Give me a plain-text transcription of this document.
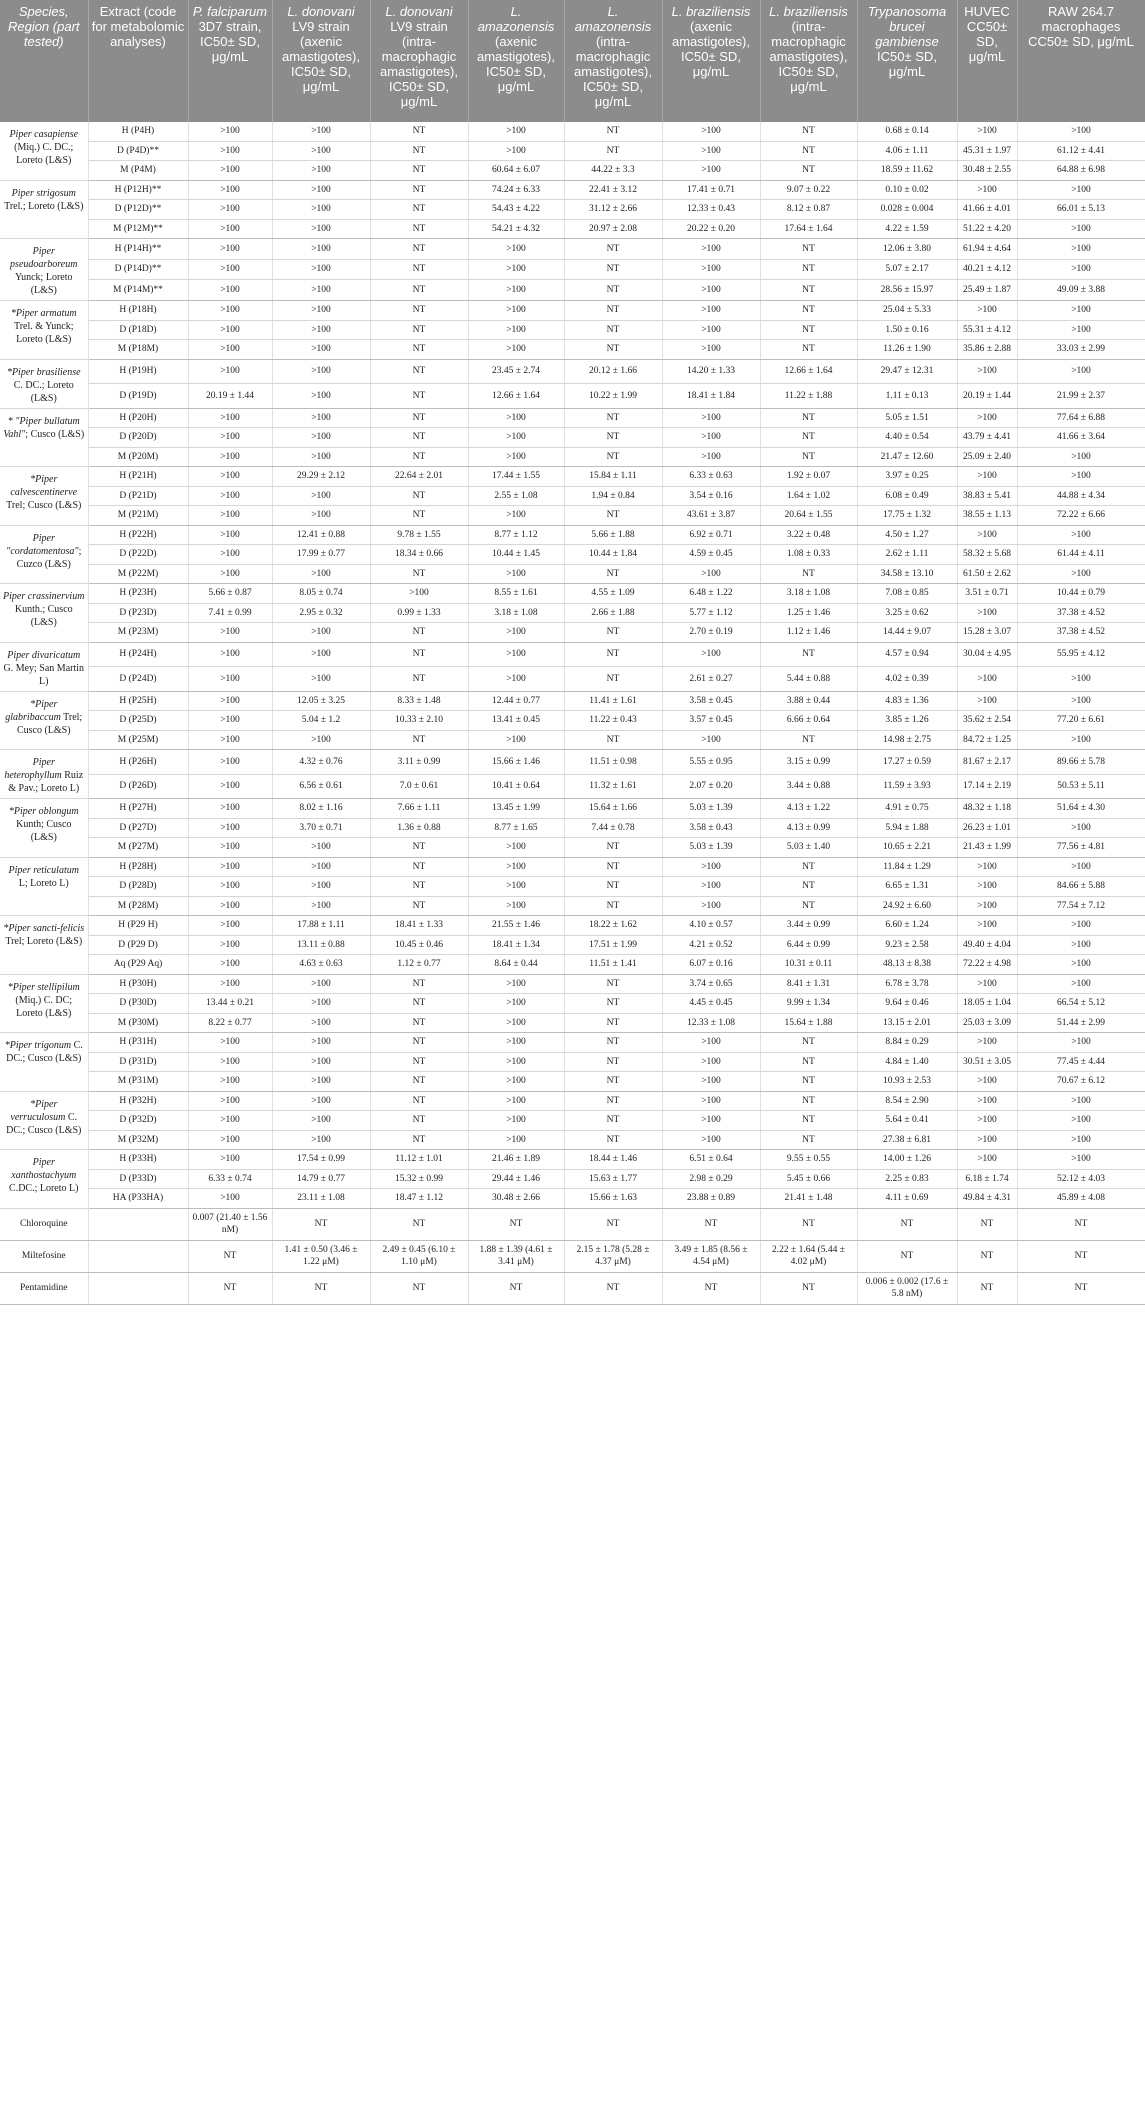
Species, Region (part tested)	Extract (code for metabolomic analyses)	P. falciparum 3D7 strain, IC50± SD, μg/mL	L. donovani LV9 strain (axenic amastigotes), IC50± SD, μg/mL	L. donovani LV9 strain (intra-macrophagic amastigotes), IC50± SD, μg/mL	L. amazonensis (axenic amastigotes), IC50± SD, μg/mL	L. amazonensis (intra-macrophagic amastigotes), IC50± SD, μg/mL	L. braziliensis (axenic amastigotes), IC50± SD, μg/mL	L. braziliensis (intra-macrophagic amastigotes), IC50± SD, μg/mL	Trypanosoma brucei gambiense IC50± SD, μg/mL	HUVEC CC50± SD, μg/mL	RAW 264.7 macrophages CC50± SD, μg/mL
Piper casapiense (Miq.) C. DC.; Loreto (L&S)	H (P4H)	>100	>100	NT	>100	NT	>100	NT	0.68 ± 0.14	>100	>100
	D (P4D)**	>100	>100	NT	>100	NT	>100	NT	4.06 ± 1.11	45.31 ± 1.97	61.12 ± 4.41
	M (P4M)	>100	>100	NT	60.64 ± 6.07	44.22 ± 3.3	>100	NT	18.59 ± 11.62	30.48 ± 2.55	64.88 ± 6.98
Piper strigosum Trel.; Loreto (L&S)	H (P12H)**	>100	>100	NT	74.24 ± 6.33	22.41 ± 3.12	17.41 ± 0.71	9.07 ± 0.22	0.10 ± 0.02	>100	>100
	D (P12D)**	>100	>100	NT	54.43 ± 4.22	31.12 ± 2.66	12.33 ± 0.43	8.12 ± 0.87	0.028 ± 0.004	41.66 ± 4.01	66.01 ± 5.13
	M (P12M)**	>100	>100	NT	54.21 ± 4.32	20.97 ± 2.08	20.22 ± 0.20	17.64 ± 1.64	4.22 ± 1.59	51.22 ± 4.20	>100
Piper pseudoarboreum Yunck; Loreto (L&S)	H (P14H)**	>100	>100	NT	>100	NT	>100	NT	12.06 ± 3.80	61.94 ± 4.64	>100
	D (P14D)**	>100	>100	NT	>100	NT	>100	NT	5.07 ± 2.17	40.21 ± 4.12	>100
	M (P14M)**	>100	>100	NT	>100	NT	>100	NT	28.56 ± 15.97	25.49 ± 1.87	49.09 ± 3.88
*Piper armatum Trel. & Yunck; Loreto (L&S)	H (P18H)	>100	>100	NT	>100	NT	>100	NT	25.04 ± 5.33	>100	>100
	D (P18D)	>100	>100	NT	>100	NT	>100	NT	1.50 ± 0.16	55.31 ± 4.12	>100
	M (P18M)	>100	>100	NT	>100	NT	>100	NT	11.26 ± 1.90	35.86 ± 2.88	33.03 ± 2.99
*Piper brasiliense C. DC.; Loreto (L&S)	H (P19H)	>100	>100	NT	23.45 ± 2.74	20.12 ± 1.66	14.20 ± 1.33	12.66 ± 1.64	29.47 ± 12.31	>100	>100
	D (P19D)	20.19 ± 1.44	>100	NT	12.66 ± 1.64	10.22 ± 1.99	18.41 ± 1.84	11.22 ± 1.88	1.11 ± 0.13	20.19 ± 1.44	21.99 ± 2.37
* "Piper bullatum Vahl"; Cusco (L&S)	H (P20H)	>100	>100	NT	>100	NT	>100	NT	5.05 ± 1.51	>100	77.64 ± 6.88
	D (P20D)	>100	>100	NT	>100	NT	>100	NT	4.40 ± 0.54	43.79 ± 4.41	41.66 ± 3.64
	M (P20M)	>100	>100	NT	>100	NT	>100	NT	21.47 ± 12.60	25.09 ± 2.40	>100
*Piper calvescentinerve Trel; Cusco (L&S)	H (P21H)	>100	29.29 ± 2.12	22.64 ± 2.01	17.44 ± 1.55	15.84 ± 1.11	6.33 ± 0.63	1.92 ± 0.07	3.97 ± 0.25	>100	>100
	D (P21D)	>100	>100	NT	2.55 ± 1.08	1.94 ± 0.84	3.54 ± 0.16	1.64 ± 1.02	6.08 ± 0.49	38.83 ± 5.41	44.88 ± 4.34
	M (P21M)	>100	>100	NT	>100	NT	43.61 ± 3.87	20.64 ± 1.55	17.75 ± 1.32	38.55 ± 1.13	72.22 ± 6.66
Piper "cordatomentosa"; Cuzco (L&S)	H (P22H)	>100	12.41 ± 0.88	9.78 ± 1.55	8.77 ± 1.12	5.66 ± 1.88	6.92 ± 0.71	3.22 ± 0.48	4.50 ± 1.27	>100	>100
	D (P22D)	>100	17.99 ± 0.77	18.34 ± 0.66	10.44 ± 1.45	10.44 ± 1.84	4.59 ± 0.45	1.08 ± 0.33	2.62 ± 1.11	58.32 ± 5.68	61.44 ± 4.11
	M (P22M)	>100	>100	NT	>100	NT	>100	NT	34.58 ± 13.10	61.50 ± 2.62	>100
Piper crassinervium Kunth.; Cusco (L&S)	H (P23H)	5.66 ± 0.87	8.05 ± 0.74	>100	8.55 ± 1.61	4.55 ± 1.09	6.48 ± 1.22	3.18 ± 1.08	7.08 ± 0.85	3.51 ± 0.71	10.44 ± 0.79
	D (P23D)	7.41 ± 0.99	2.95 ± 0.32	0.99 ± 1.33	3.18 ± 1.08	2.66 ± 1.88	5.77 ± 1.12	1.25 ± 1.46	3.25 ± 0.62	>100	37.38 ± 4.52
	M (P23M)	>100	>100	NT	>100	NT	2.70 ± 0.19	1.12 ± 1.46	14.44 ± 9.07	15.28 ± 3.07	37.38 ± 4.52
Piper divaricatum G. Mey; San Martin L)	H (P24H)	>100	>100	NT	>100	NT	>100	NT	4.57 ± 0.94	30.04 ± 4.95	55.95 ± 4.12
	D (P24D)	>100	>100	NT	>100	NT	2.61 ± 0.27	5.44 ± 0.88	4.02 ± 0.39	>100	>100
*Piper glabribaccum Trel; Cusco (L&S)	H (P25H)	>100	12.05 ± 3.25	8.33 ± 1.48	12.44 ± 0.77	11.41 ± 1.61	3.58 ± 0.45	3.88 ± 0.44	4.83 ± 1.36	>100	>100
	D (P25D)	>100	5.04 ± 1.2	10.33 ± 2.10	13.41 ± 0.45	11.22 ± 0.43	3.57 ± 0.45	6.66 ± 0.64	3.85 ± 1.26	35.62 ± 2.54	77.20 ± 6.61
	M (P25M)	>100	>100	NT	>100	NT	>100	NT	14.98 ± 2.75	84.72 ± 1.25	>100
Piper heterophyllum Ruiz & Pav.; Loreto L)	H (P26H)	>100	4.32 ± 0.76	3.11 ± 0.99	15.66 ± 1.46	11.51 ± 0.98	5.55 ± 0.95	3.15 ± 0.99	17.27 ± 0.59	81.67 ± 2.17	89.66 ± 5.78
	D (P26D)	>100	6.56 ± 0.61	7.0 ± 0.61	10.41 ± 0.64	11.32 ± 1.61	2.07 ± 0.20	3.44 ± 0.88	11.59 ± 3.93	17.14 ± 2.19	50.53 ± 5.11
*Piper oblongum Kunth; Cusco (L&S)	H (P27H)	>100	8.02 ± 1.16	7.66 ± 1.11	13.45 ± 1.99	15.64 ± 1.66	5.03 ± 1.39	4.13 ± 1.22	4.91 ± 0.75	48.32 ± 1.18	51.64 ± 4.30
	D (P27D)	>100	3.70 ± 0.71	1.36 ± 0.88	8.77 ± 1.65	7.44 ± 0.78	3.58 ± 0.43	4.13 ± 0.99	5.94 ± 1.88	26.23 ± 1.01	>100
	M (P27M)	>100	>100	NT	>100	NT	5.03 ± 1.39	5.03 ± 1.40	10.65 ± 2.21	21.43 ± 1.99	77.56 ± 4.81
Piper reticulatum L; Loreto L)	H (P28H)	>100	>100	NT	>100	NT	>100	NT	11.84 ± 1.29	>100	>100
	D (P28D)	>100	>100	NT	>100	NT	>100	NT	6.65 ± 1.31	>100	84.66 ± 5.88
	M (P28M)	>100	>100	NT	>100	NT	>100	NT	24.92 ± 6.60	>100	77.54 ± 7.12
*Piper sancti-felicis Trel; Loreto (L&S)	H (P29 H)	>100	17.88 ± 1.11	18.41 ± 1.33	21.55 ± 1.46	18.22 ± 1.62	4.10 ± 0.57	3.44 ± 0.99	6.60 ± 1.24	>100	>100
	D (P29 D)	>100	13.11 ± 0.88	10.45 ± 0.46	18.41 ± 1.34	17.51 ± 1.99	4.21 ± 0.52	6.44 ± 0.99	9.23 ± 2.58	49.40 ± 4.04	>100
	Aq (P29 Aq)	>100	4.63 ± 0.63	1.12 ± 0.77	8.64 ± 0.44	11.51 ± 1.41	6.07 ± 0.16	10.31 ± 0.11	48.13 ± 8.38	72.22 ± 4.98	>100
*Piper stellipilum (Miq.) C. DC; Loreto (L&S)	H (P30H)	>100	>100	NT	>100	NT	3.74 ± 0.65	8.41 ± 1.31	6.78 ± 3.78	>100	>100
	D (P30D)	13.44 ± 0.21	>100	NT	>100	NT	4.45 ± 0.45	9.99 ± 1.34	9.64 ± 0.46	18.05 ± 1.04	66.54 ± 5.12
	M (P30M)	8.22 ± 0.77	>100	NT	>100	NT	12.33 ± 1.08	15.64 ± 1.88	13.15 ± 2.01	25.03 ± 3.09	51.44 ± 2.99
*Piper trigonum C. DC.; Cusco (L&S)	H (P31H)	>100	>100	NT	>100	NT	>100	NT	8.84 ± 0.29	>100	>100
	D (P31D)	>100	>100	NT	>100	NT	>100	NT	4.84 ± 1.40	30.51 ± 3.05	77.45 ± 4.44
	M (P31M)	>100	>100	NT	>100	NT	>100	NT	10.93 ± 2.53	>100	70.67 ± 6.12
*Piper verruculosum C. DC.; Cusco (L&S)	H (P32H)	>100	>100	NT	>100	NT	>100	NT	8.54 ± 2.90	>100	>100
	D (P32D)	>100	>100	NT	>100	NT	>100	NT	5.64 ± 0.41	>100	>100
	M (P32M)	>100	>100	NT	>100	NT	>100	NT	27.38 ± 6.81	>100	>100
Piper xanthostachyum C.DC.; Loreto L)	H (P33H)	>100	17.54 ± 0.99	11.12 ± 1.01	21.46 ± 1.89	18.44 ± 1.46	6.51 ± 0.64	9.55 ± 0.55	14.00 ± 1.26	>100	>100
	D (P33D)	6.33 ± 0.74	14.79 ± 0.77	15.32 ± 0.99	29.44 ± 1.46	15.63 ± 1.77	2.98 ± 0.29	5.45 ± 0.66	2.25 ± 0.83	6.18 ± 1.74	52.12 ± 4.03
	HA (P33HA)	>100	23.11 ± 1.08	18.47 ± 1.12	30.48 ± 2.66	15.66 ± 1.63	23.88 ± 0.89	21.41 ± 1.48	4.11 ± 0.69	49.84 ± 4.31	45.89 ± 4.08
Chloroquine		0.007 (21.40 ± 1.56 nM)	NT	NT	NT	NT	NT	NT	NT	NT	NT
Miltefosine		NT	1.41 ± 0.50 (3.46 ± 1.22 μM)	2.49 ± 0.45 (6.10 ± 1.10 μM)	1.88 ± 1.39 (4.61 ± 3.41 μM)	2.15 ± 1.78 (5.28 ± 4.37 μM)	3.49 ± 1.85 (8.56 ± 4.54 μM)	2.22 ± 1.64 (5.44 ± 4.02 μM)	NT	NT	NT
Pentamidine		NT	NT	NT	NT	NT	NT	NT	0.006 ± 0.002 (17.6 ± 5.8 nM)	NT	NT
